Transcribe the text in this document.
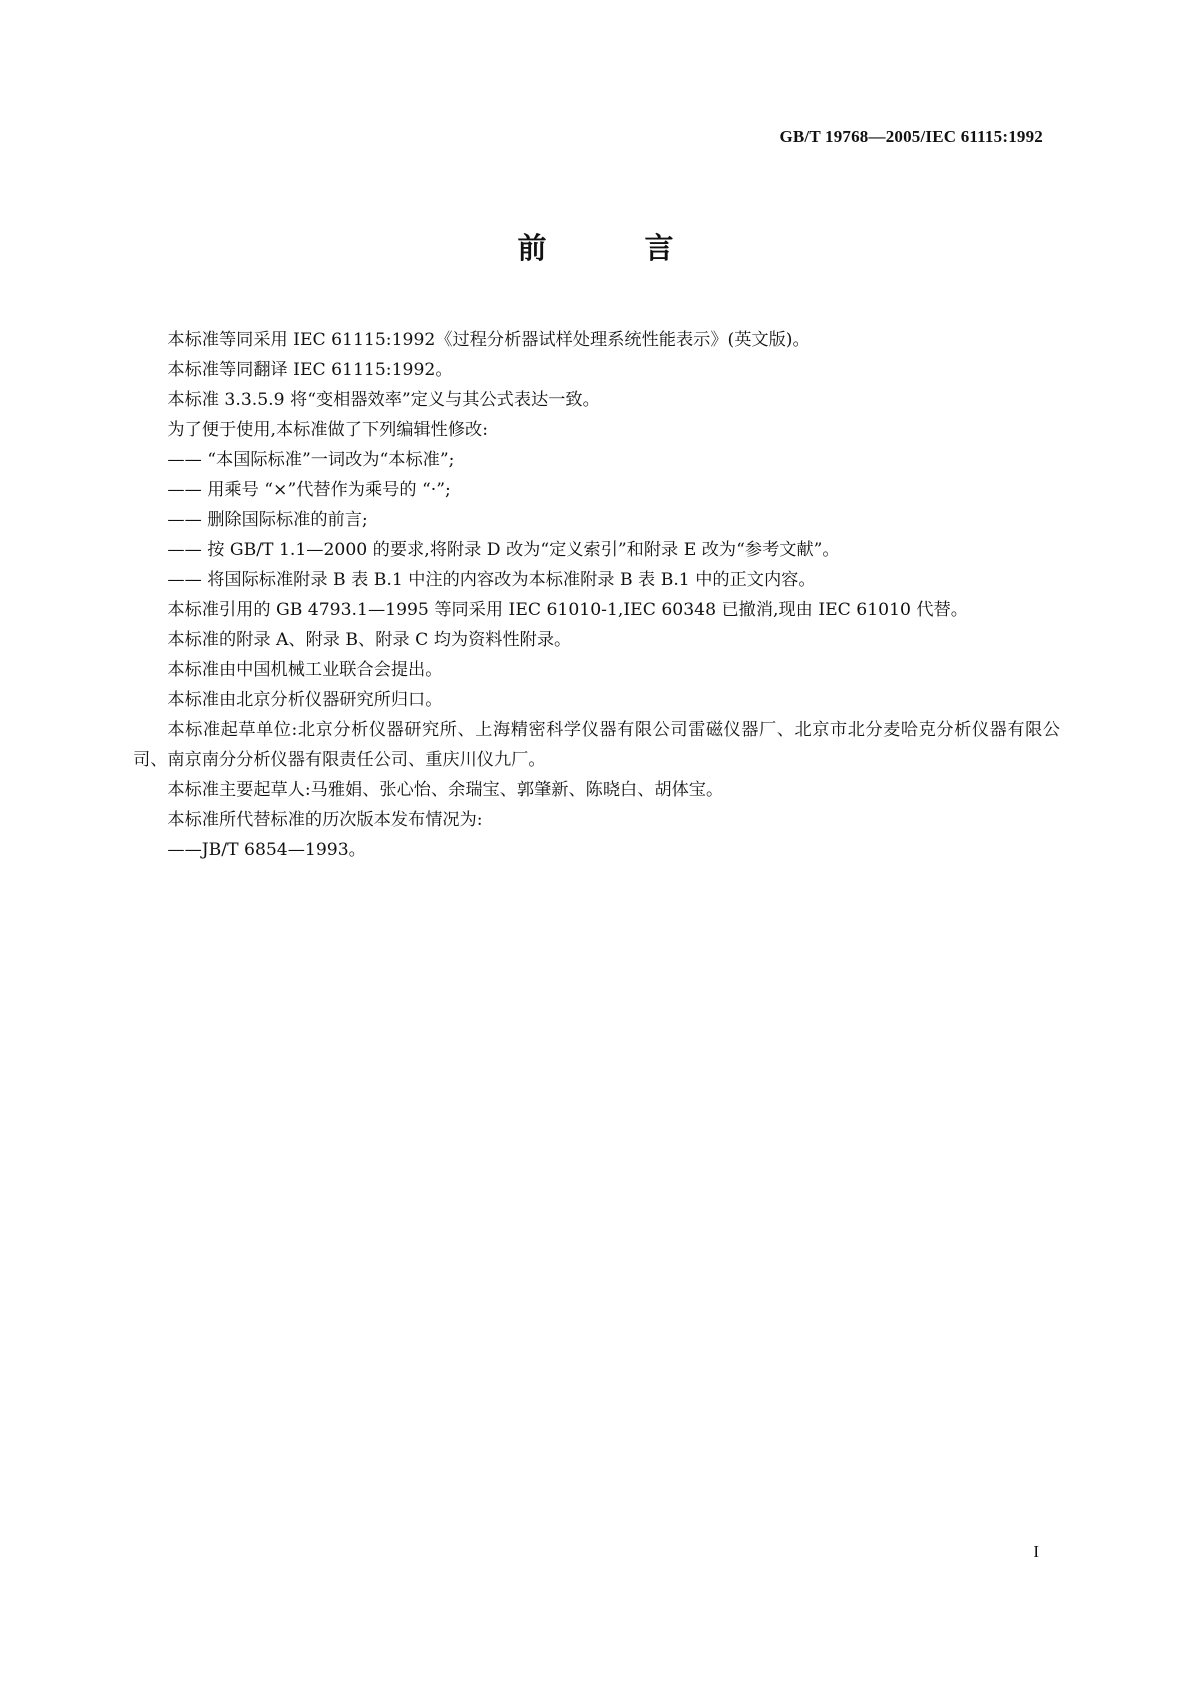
GB/T 19768—2005/IEC 61115:1992
前 言

本标准等同采用 IEC 61115:1992《过程分析器试样处理系统性能表示》(英文版)。

本标准等同翻译 IEC 61115:1992。

本标准 3.3.5.9 将“变相器效率”定义与其公式表达一致。

为了便于使用,本标准做了下列编辑性修改:

—— “本国际标准”一词改为“本标准”;

—— 用乘号 “×”代替作为乘号的 “·”;

—— 删除国际标准的前言;

—— 按 GB/T 1.1—2000 的要求,将附录 D 改为“定义索引”和附录 E 改为“参考文献”。

—— 将国际标准附录 B 表 B.1 中注的内容改为本标准附录 B 表 B.1 中的正文内容。

本标准引用的 GB 4793.1—1995 等同采用 IEC 61010-1,IEC 60348 已撤消,现由 IEC 61010 代替。

本标准的附录 A、附录 B、附录 C 均为资料性附录。

本标准由中国机械工业联合会提出。

本标准由北京分析仪器研究所归口。

本标准起草单位:北京分析仪器研究所、上海精密科学仪器有限公司雷磁仪器厂、北京市北分麦哈克分析仪器有限公司、南京南分分析仪器有限责任公司、重庆川仪九厂。

本标准主要起草人:马雅娟、张心怡、余瑞宝、郭肇新、陈晓白、胡体宝。

本标准所代替标准的历次版本发布情况为:

——JB/T 6854—1993。

I
